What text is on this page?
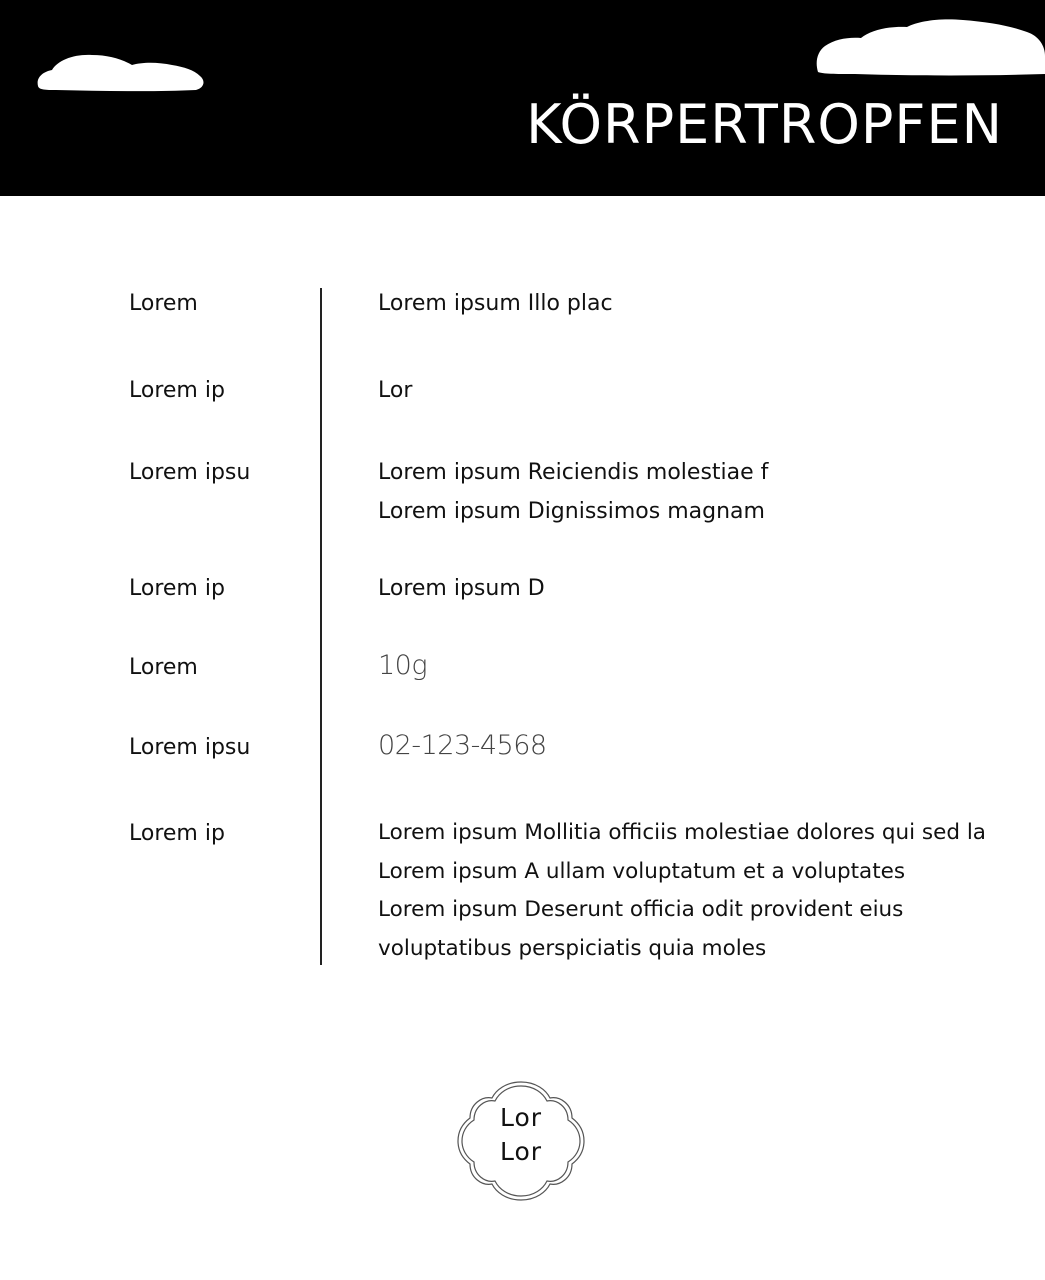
KÖRPERTROPFEN
Lorem	Lorem ipsum Illo plac
Lorem ip	Lor
Lorem ipsu	Lorem ipsum Reiciendis molestiae f
Lorem ipsum Dignissimos magnam
Lorem ip	Lorem ipsum D
Lorem	10g
Lorem ipsu	02-123-4568
Lorem ip	Lorem ipsum Mollitia officiis molestiae dolores qui sed la
Lorem ipsum A ullam voluptatum et a voluptates
Lorem ipsum Deserunt officia odit provident eius
voluptatibus perspiciatis quia moles
Lor
Lor
